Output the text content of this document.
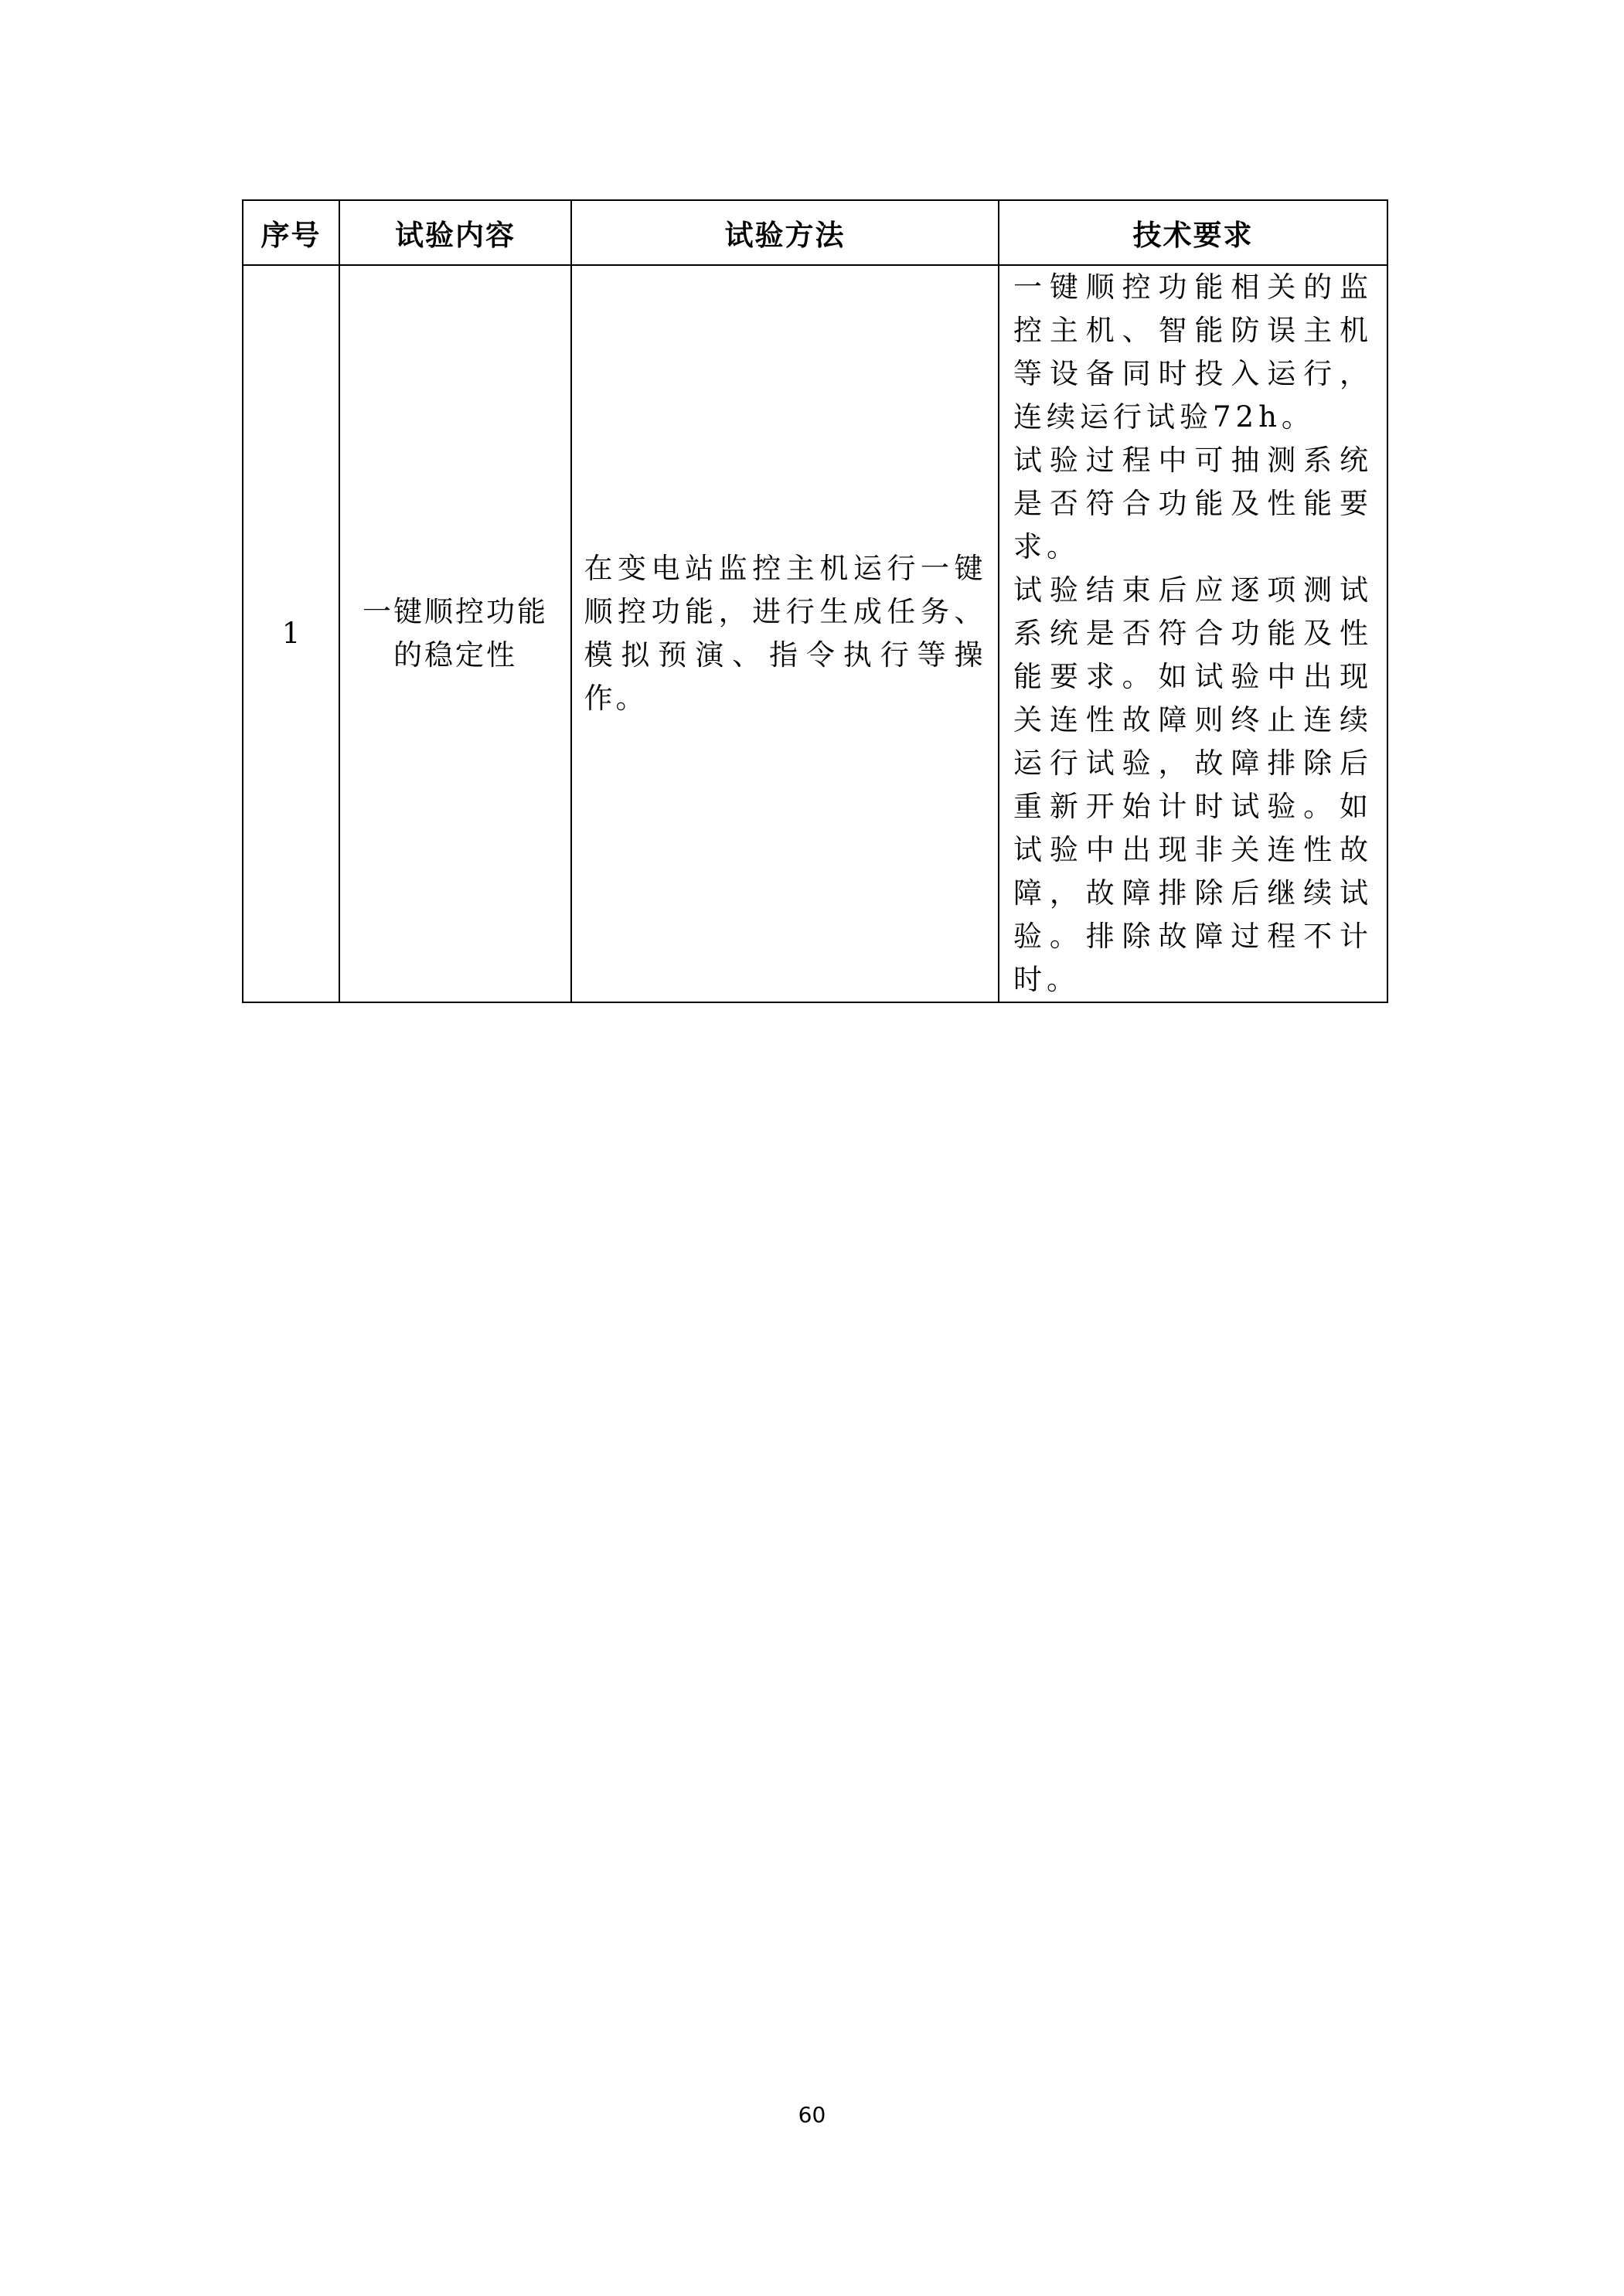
序号	试验内容	试验方法	技术要求
1	一键顺控功能的稳定性	在变电站监控主机运行一键顺控功能，进行生成任务、模拟预演、指令执行等操作。	一键顺控功能相关的监控主机、智能防误主机等设备同时投入运行，连续运行试验72h。

试验过程中可抽测系统是否符合功能及性能要求。

试验结束后应逐项测试系统是否符合功能及性能要求。如试验中出现关连性故障则终止连续运行试验，故障排除后重新开始计时试验。如试验中出现非关连性故障，故障排除后继续试验。排除故障过程不计时。

60
